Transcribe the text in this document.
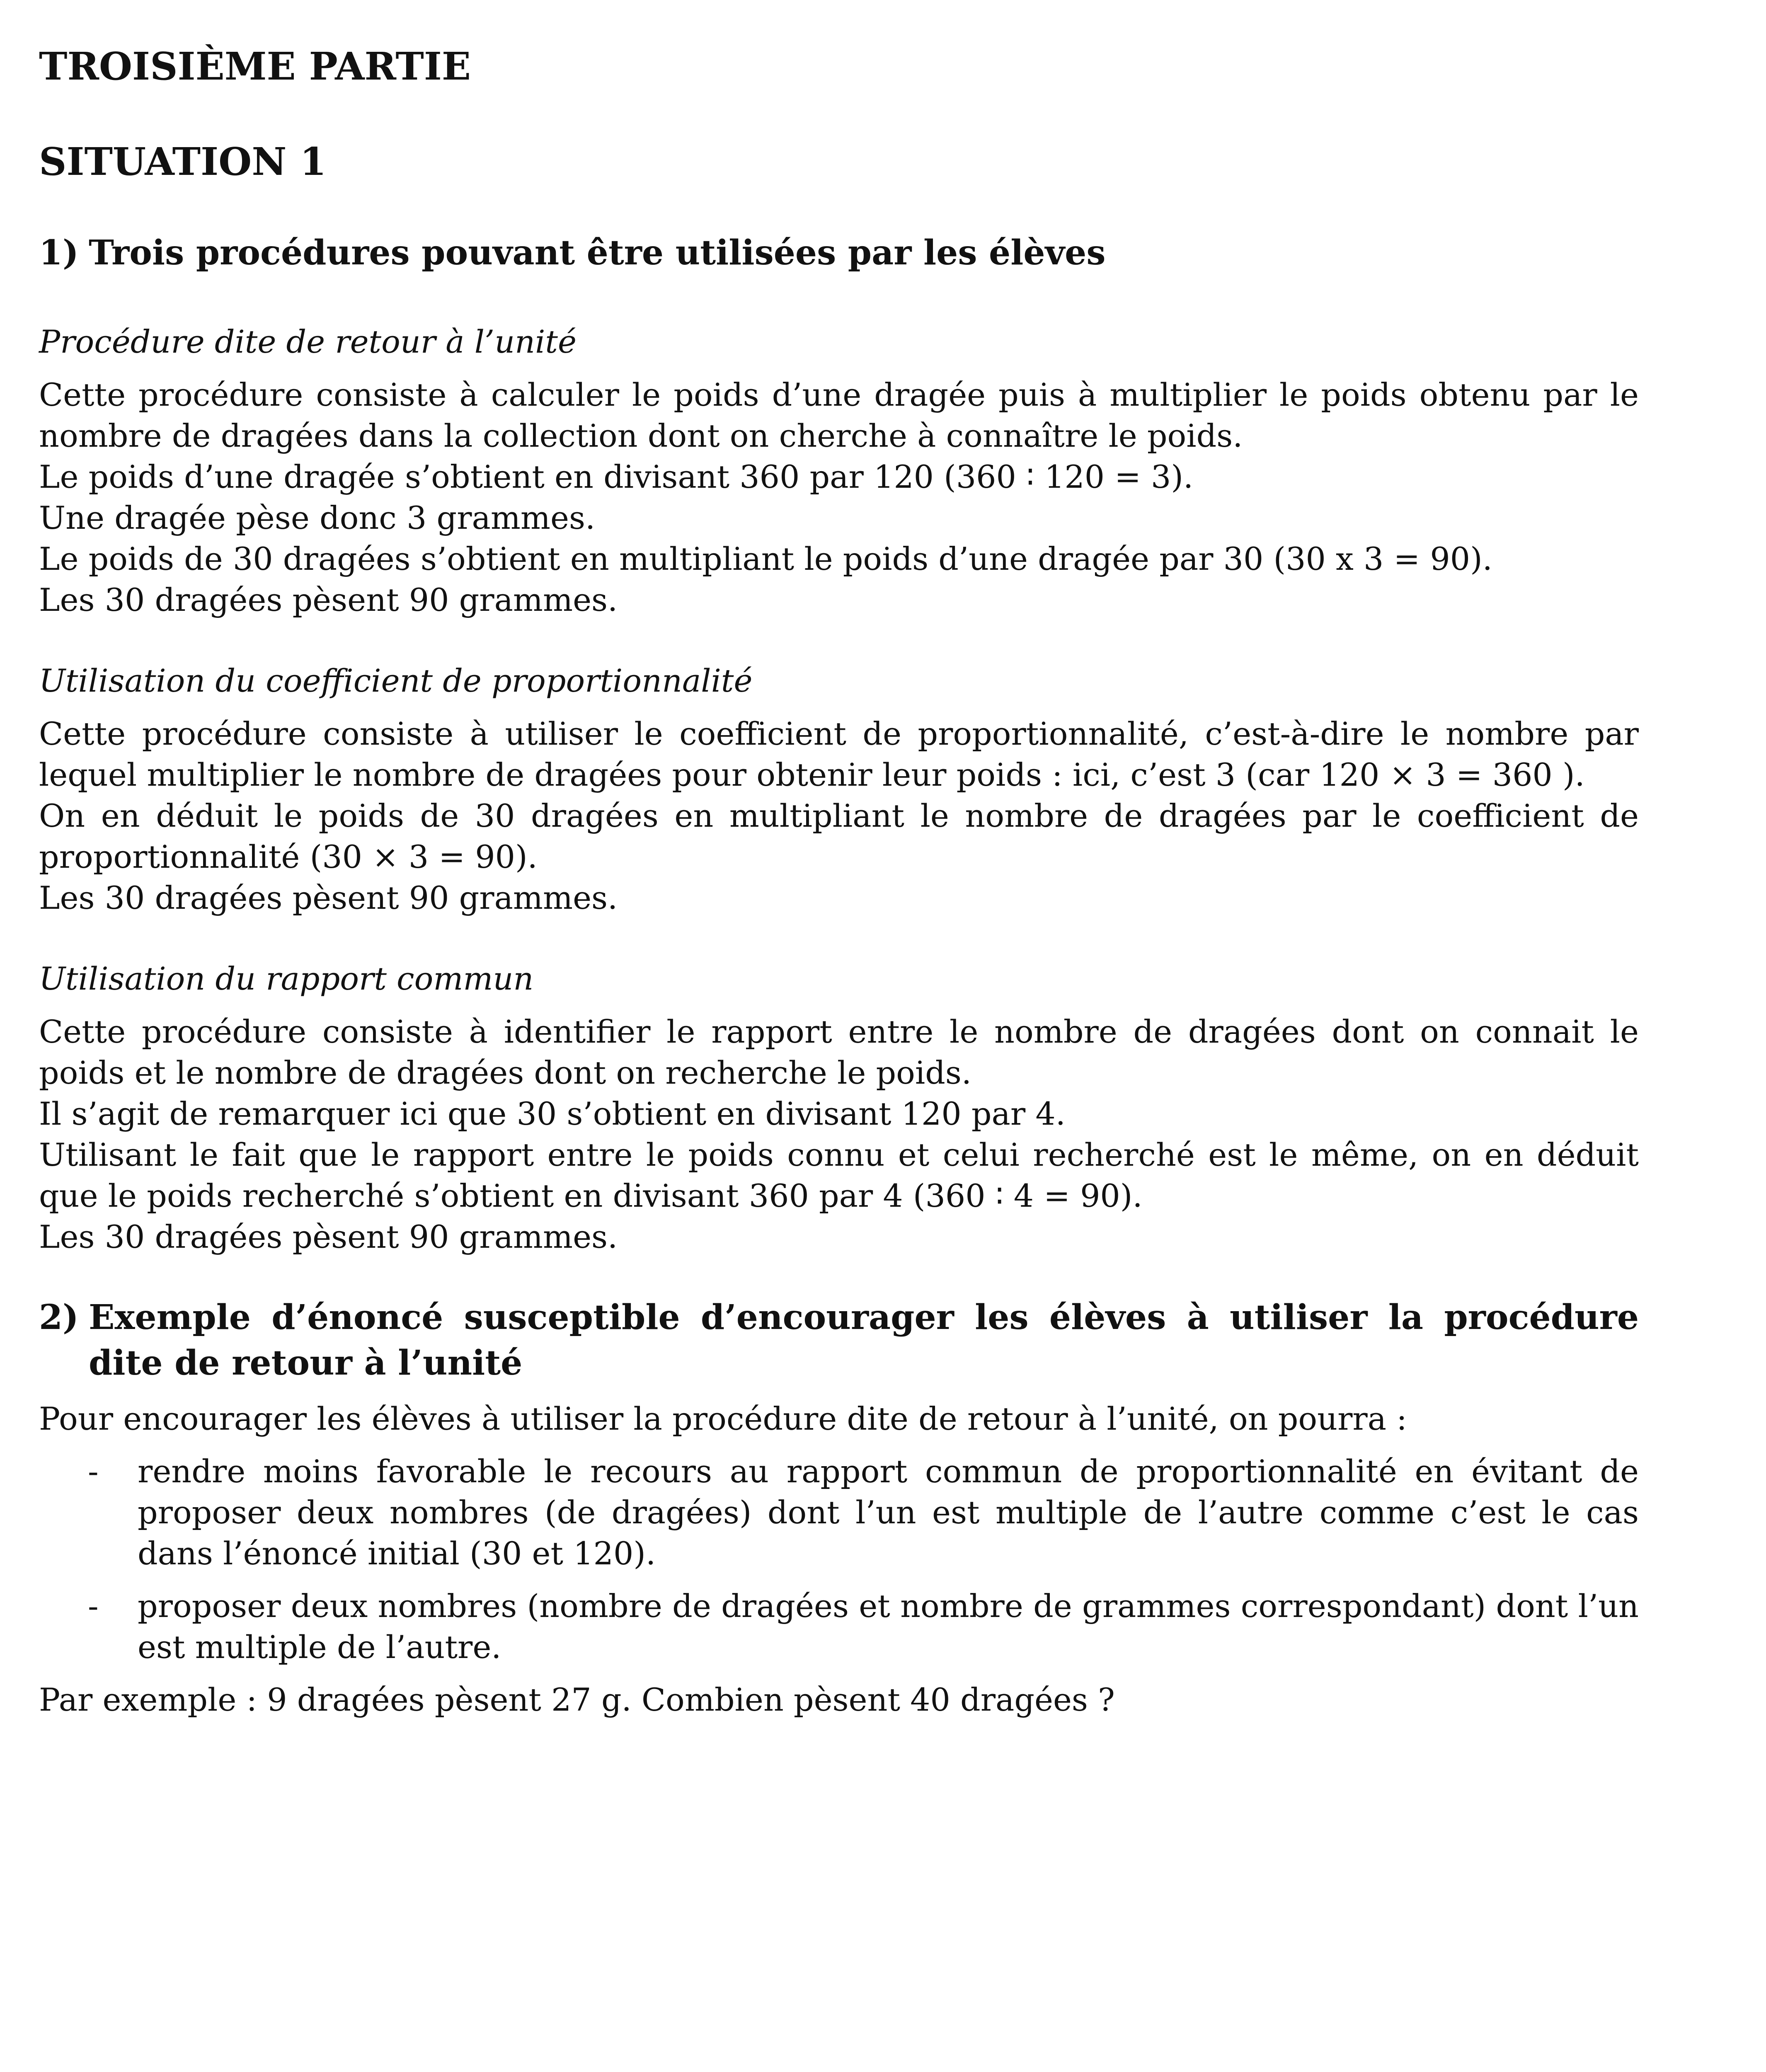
TROISIÈME PARTIE
SITUATION 1
1) Trois procédures pouvant être utilisées par les élèves

Procédure dite de retour à l’unité

Cette procédure consiste à calculer le poids d’une dragée puis à multiplier le poids obtenu par le nombre de dragées dans la collection dont on cherche à connaître le poids.

Le poids d’une dragée s’obtient en divisant 360 par 120 (360 ∶ 120 = 3).

Une dragée pèse donc 3 grammes.

Le poids de 30 dragées s’obtient en multipliant le poids d’une dragée par 30 (30 x 3 = 90).

Les 30 dragées pèsent 90 grammes.

Utilisation du coefficient de proportionnalité

Cette procédure consiste à utiliser le coefficient de proportionnalité, c’est-à-dire le nombre par lequel multiplier le nombre de dragées pour obtenir leur poids : ici, c’est 3 (car 120 × 3 = 360 ).

On en déduit le poids de 30 dragées en multipliant le nombre de dragées par le coefficient de proportionnalité (30 × 3 = 90).

Les 30 dragées pèsent 90 grammes.

Utilisation du rapport commun

Cette procédure consiste à identifier le rapport entre le nombre de dragées dont on connait le poids et le nombre de dragées dont on recherche le poids.

Il s’agit de remarquer ici que 30 s’obtient en divisant 120 par 4.

Utilisant le fait que le rapport entre le poids connu et celui recherché est le même, on en déduit que le poids recherché s’obtient en divisant 360 par 4 (360 ∶ 4 = 90).

Les 30 dragées pèsent 90 grammes.

2) Exemple d’énoncé susceptible d’encourager les élèves à utiliser la procédure dite de retour à l’unité

Pour encourager les élèves à utiliser la procédure dite de retour à l’unité, on pourra :

-	rendre moins favorable le recours au rapport commun de proportionnalité en évitant de proposer deux nombres (de dragées) dont l’un est multiple de l’autre comme c’est le cas dans l’énoncé initial (30 et 120).
-	proposer deux nombres (nombre de dragées et nombre de grammes correspondant) dont l’un est multiple de l’autre.

Par exemple : 9 dragées pèsent 27 g. Combien pèsent 40 dragées ?
